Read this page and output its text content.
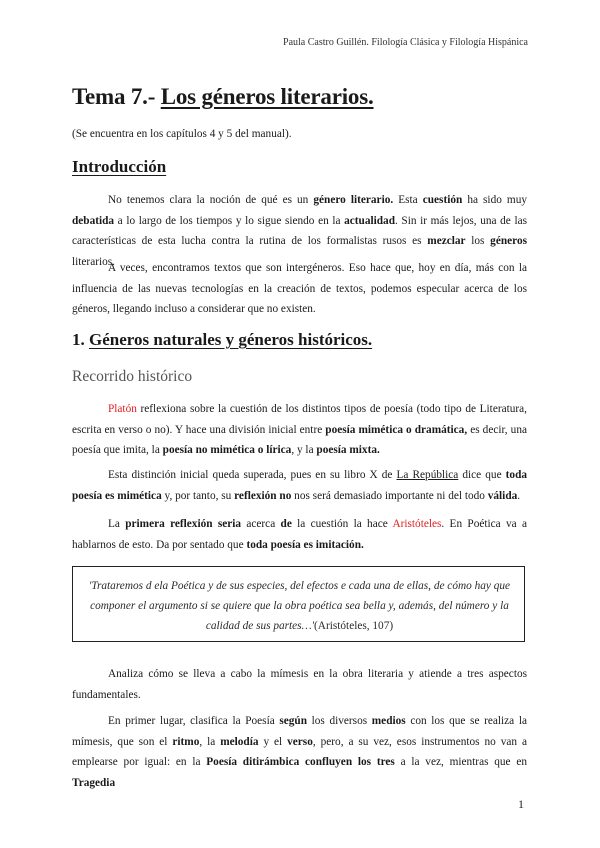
Paula Castro Guillén. Filología Clásica y Filología Hispánica
Tema 7.- Los géneros literarios.
(Se encuentra en los capítulos 4 y 5 del manual).
Introducción
No tenemos clara la noción de qué es un género literario. Esta cuestión ha sido muy debatida a lo largo de los tiempos y lo sigue siendo en la actualidad. Sin ir más lejos, una de las características de esta lucha contra la rutina de los formalistas rusos es mezclar los géneros literarios.
A veces, encontramos textos que son intergéneros. Eso hace que, hoy en día, más con la influencia de las nuevas tecnologías en la creación de textos, podemos especular acerca de los géneros, llegando incluso a considerar que no existen.
1. Géneros naturales y géneros históricos.
Recorrido histórico
Platón reflexiona sobre la cuestión de los distintos tipos de poesía (todo tipo de Literatura, escrita en verso o no). Y hace una división inicial entre poesía mimética o dramática, es decir, una poesía que imita, la poesía no mimética o lírica, y la poesía mixta.
Esta distinción inicial queda superada, pues en su libro X de La República dice que toda poesía es mimética y, por tanto, su reflexión no nos será demasiado importante ni del todo válida.
La primera reflexión seria acerca de la cuestión la hace Aristóteles. En Poética va a hablarnos de esto. Da por sentado que toda poesía es imitación.
'Trataremos d ela Poética y de sus especies, del efectos e cada una de ellas, de cómo hay que
componer el argumento si se quiere que la obra poética sea bella y, además, del número y la
calidad de sus partes…'(Aristóteles, 107)
Analiza cómo se lleva a cabo la mímesis en la obra literaria y atiende a tres aspectos fundamentales.
En primer lugar, clasifica la Poesía según los diversos medios con los que se realiza la mímesis, que son el ritmo, la melodía y el verso, pero, a su vez, esos instrumentos no van a emplearse por igual: en la Poesía ditirámbica confluyen los tres a la vez, mientras que en Tragedia
1
